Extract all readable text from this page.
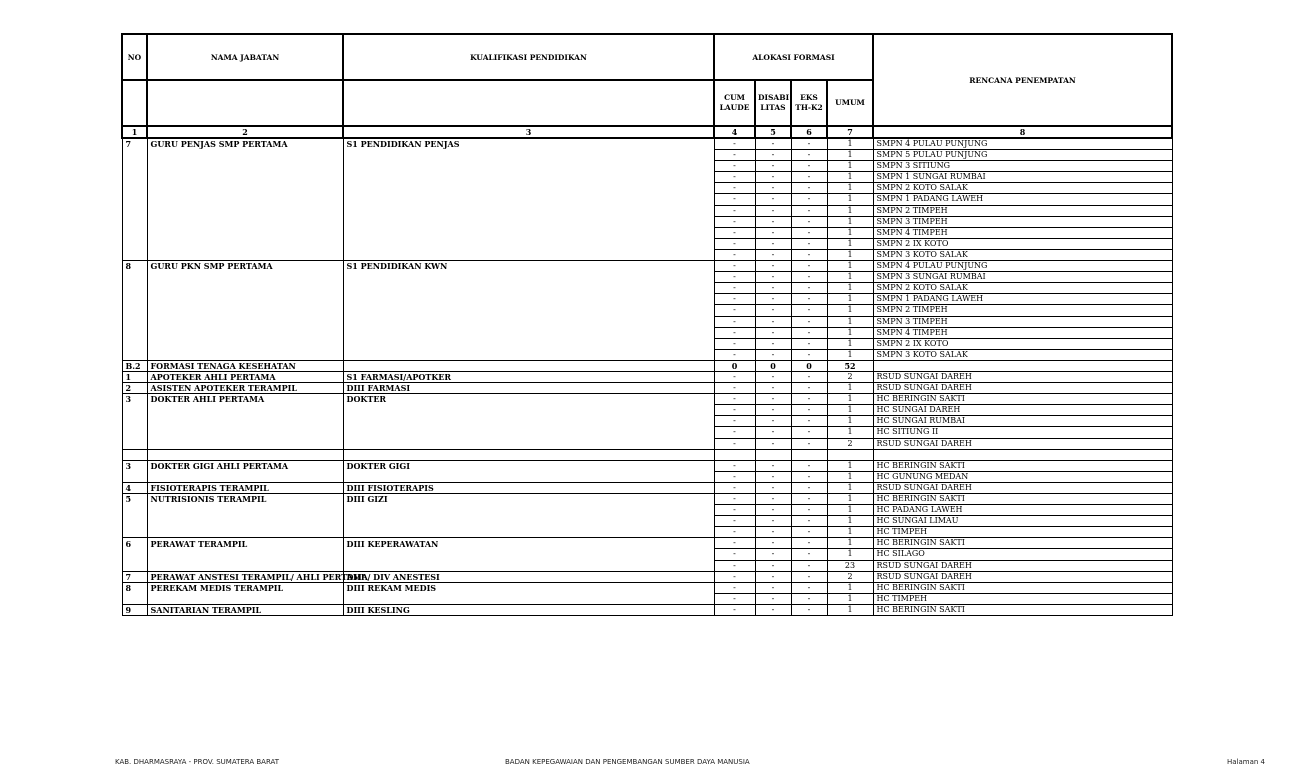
NO	NAMA JABATAN	KUALIFIKASI PENDIDIKAN	ALOKASI FORMASI				RENCANA PENEMPATAN
			CUM LAUDE	DISABI LITAS	EKS TH-K2	UMUM	
1	2	3	4	5	6	7	8
7	GURU PENJAS SMP PERTAMA	S1 PENDIDIKAN PENJAS	-	-	-	1	SMPN 4 PULAU PUNJUNG
			-	-	-	1	SMPN 5 PULAU PUNJUNG
			-	-	-	1	SMPN 3 SITIUNG
			-	-	-	1	SMPN 1 SUNGAI RUMBAI
			-	-	-	1	SMPN 2 KOTO SALAK
			-	-	-	1	SMPN 1 PADANG LAWEH
			-	-	-	1	SMPN 2 TIMPEH
			-	-	-	1	SMPN 3 TIMPEH
			-	-	-	1	SMPN 4 TIMPEH
			-	-	-	1	SMPN 2 IX KOTO
			-	-	-	1	SMPN 3 KOTO SALAK
8	GURU PKN SMP PERTAMA	S1 PENDIDIKAN KWN	-	-	-	1	SMPN 4 PULAU PUNJUNG
			-	-	-	1	SMPN 3 SUNGAI RUMBAI
			-	-	-	1	SMPN 2 KOTO SALAK
			-	-	-	1	SMPN 1 PADANG LAWEH
			-	-	-	1	SMPN 2 TIMPEH
			-	-	-	1	SMPN 3 TIMPEH
			-	-	-	1	SMPN 4 TIMPEH
			-	-	-	1	SMPN 2 IX KOTO
			-	-	-	1	SMPN 3 KOTO SALAK
B.2	FORMASI TENAGA KESEHATAN		0	0	0	52	
1	APOTEKER AHLI PERTAMA	S1 FARMASI/APOTKER	-	-	-	2	RSUD SUNGAI DAREH
2	ASISTEN APOTEKER TERAMPIL	DIII FARMASI	-	-	-	1	RSUD SUNGAI DAREH
3	DOKTER AHLI PERTAMA	DOKTER	-	-	-	1	HC BERINGIN SAKTI
			-	-	-	1	HC SUNGAI DAREH
			-	-	-	1	HC SUNGAI RUMBAI
			-	-	-	1	HC SITIUNG II
			-	-	-	2	RSUD SUNGAI DAREH

3	DOKTER GIGI AHLI PERTAMA	DOKTER GIGI	-	-	-	1	HC BERINGIN SAKTI
			-	-	-	1	HC GUNUNG MEDAN
4	FISIOTERAPIS TERAMPIL	DIII FISIOTERAPIS	-	-	-	1	RSUD SUNGAI DAREH
5	NUTRISIONIS TERAMPIL	DIII GIZI	-	-	-	1	HC BERINGIN SAKTI
			-	-	-	1	HC PADANG LAWEH
			-	-	-	1	HC SUNGAI LIMAU
			-	-	-	1	HC TIMPEH
6	PERAWAT TERAMPIL	DIII KEPERAWATAN	-	-	-	1	HC BERINGIN SAKTI
			-	-	-	1	HC SILAGO
			-	-	-	23	RSUD SUNGAI DAREH
7	PERAWAT ANSTESI TERAMPIL/ AHLI PERTAMA	DIII / DIV ANESTESI	-	-	-	2	RSUD SUNGAI DAREH
8	PEREKAM MEDIS TERAMPIL	DIII REKAM MEDIS	-	-	-	1	HC BERINGIN SAKTI
			-	-	-	1	HC TIMPEH
9	SANITARIAN TERAMPIL	DIII KESLING	-	-	-	1	HC BERINGIN SAKTI
KAB. DHARMASRAYA - PROV. SUMATERA BARAT	BADAN KEPEGAWAIAN DAN PENGEMBANGAN SUMBER DAYA MANUSIA	Halaman 4
